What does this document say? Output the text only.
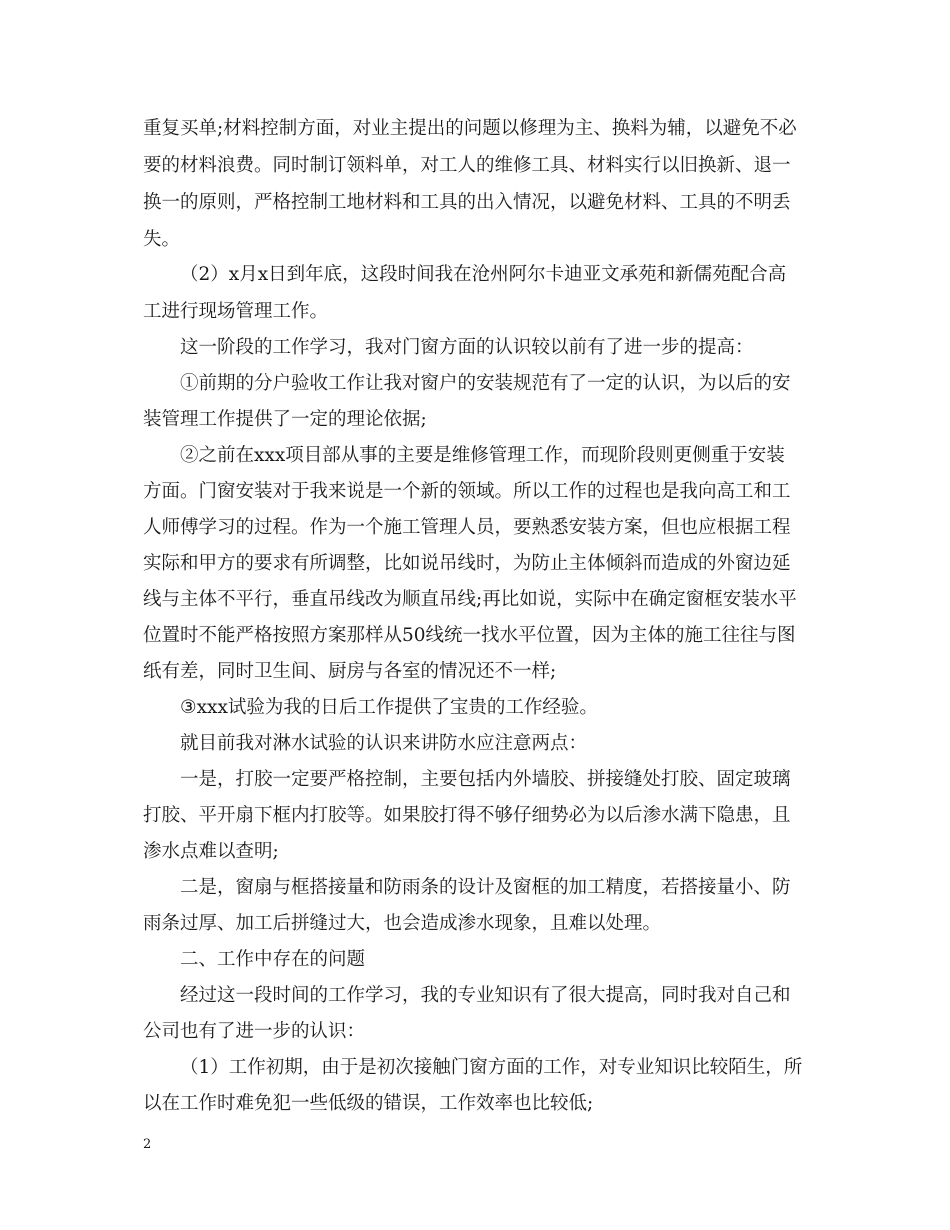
重复买单;材料控制方面，对业主提出的问题以修理为主、换料为辅，以避免不必
要的材料浪费。同时制订领料单，对工人的维修工具、材料实行以旧换新、退一
换一的原则，严格控制工地材料和工具的出入情况，以避免材料、工具的不明丢
失。
（2）x月x日到年底，这段时间我在沧州阿尔卡迪亚文承苑和新儒苑配合高
工进行现场管理工作。
这一阶段的工作学习，我对门窗方面的认识较以前有了进一步的提高：
①前期的分户验收工作让我对窗户的安装规范有了一定的认识，为以后的安
装管理工作提供了一定的理论依据;
②之前在xxx项目部从事的主要是维修管理工作，而现阶段则更侧重于安装
方面。门窗安装对于我来说是一个新的领域。所以工作的过程也是我向高工和工
人师傅学习的过程。作为一个施工管理人员，要熟悉安装方案，但也应根据工程
实际和甲方的要求有所调整，比如说吊线时，为防止主体倾斜而造成的外窗边延
线与主体不平行，垂直吊线改为顺直吊线;再比如说，实际中在确定窗框安装水平
位置时不能严格按照方案那样从50线统一找水平位置，因为主体的施工往往与图
纸有差，同时卫生间、厨房与各室的情况还不一样;
③xxx试验为我的日后工作提供了宝贵的工作经验。
就目前我对淋水试验的认识来讲防水应注意两点：
一是，打胶一定要严格控制，主要包括内外墙胶、拼接缝处打胶、固定玻璃
打胶、平开扇下框内打胶等。如果胶打得不够仔细势必为以后渗水满下隐患，且
渗水点难以查明;
二是，窗扇与框搭接量和防雨条的设计及窗框的加工精度，若搭接量小、防
雨条过厚、加工后拼缝过大，也会造成渗水现象，且难以处理。
二、工作中存在的问题
经过这一段时间的工作学习，我的专业知识有了很大提高，同时我对自己和
公司也有了进一步的认识：
（1）工作初期，由于是初次接触门窗方面的工作，对专业知识比较陌生，所
以在工作时难免犯一些低级的错误，工作效率也比较低;
2
